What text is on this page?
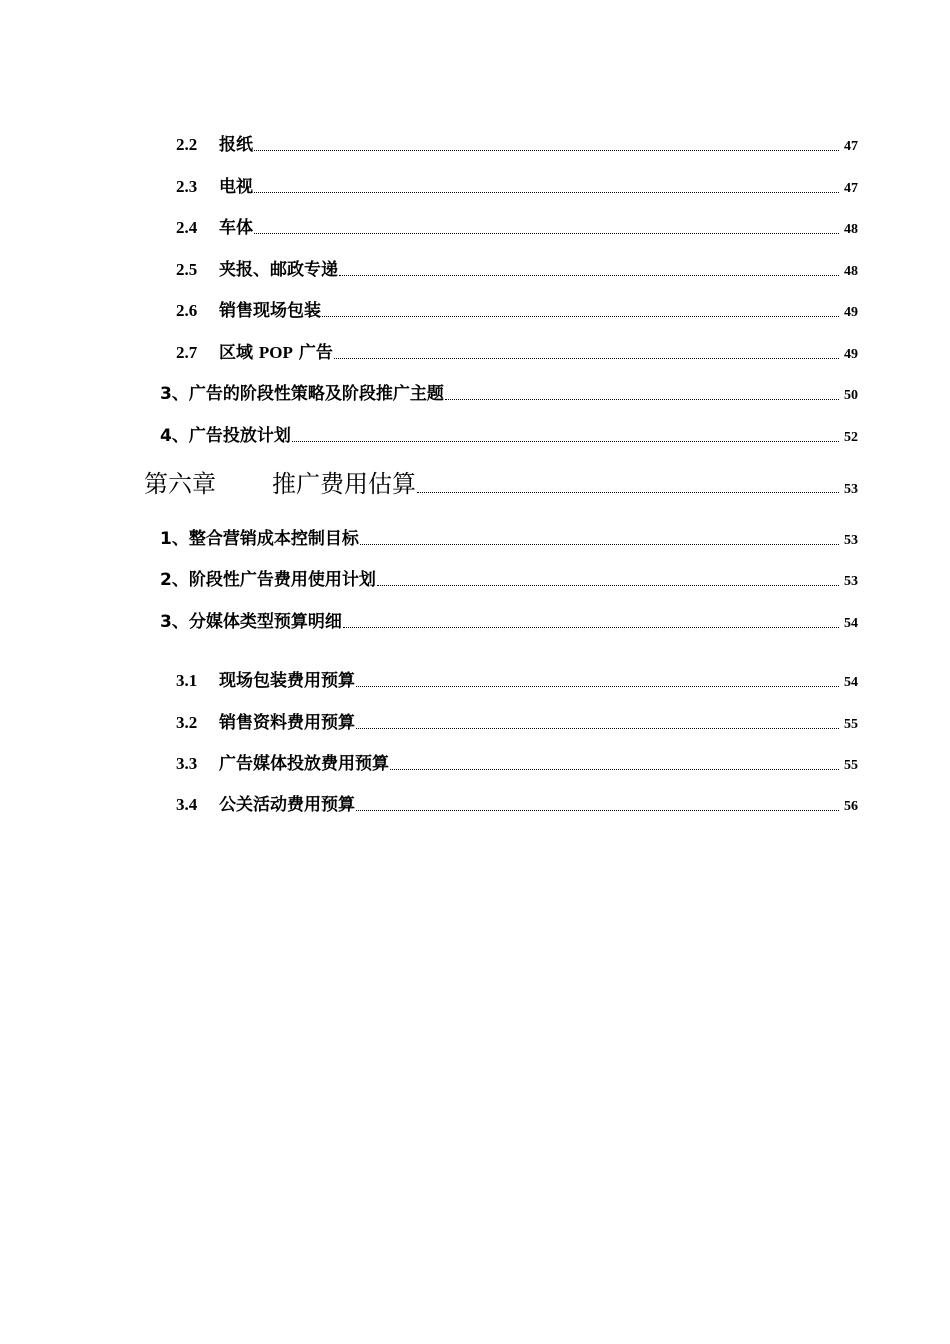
2.2	报纸	47
2.3	电视	47
2.4	车体	48
2.5	夹报、邮政专递	48
2.6	销售现场包装	49
2.7	区域 POP 广告	49
3、广告的阶段性策略及阶段推广主题	50
4、广告投放计划	52
第六章	推广费用估算	53
1、整合营销成本控制目标	53
2、阶段性广告费用使用计划	53
3、分媒体类型预算明细	54
3.1	现场包装费用预算	54
3.2	销售资料费用预算	55
3.3	广告媒体投放费用预算	55
3.4	公关活动费用预算	56
